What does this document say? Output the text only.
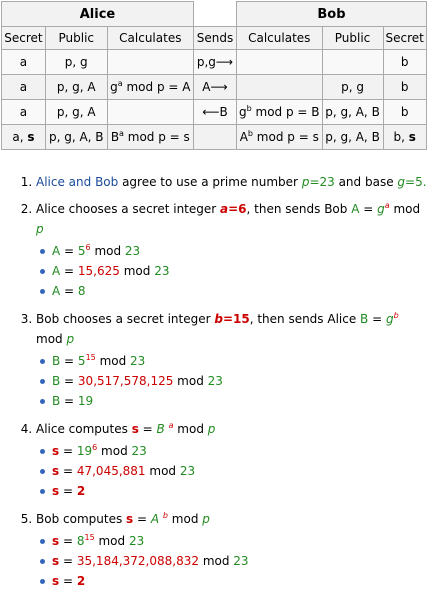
Alice				Bob		
Secret	Public	Calculates	Sends	Calculates	Public	Secret
a	p, g		p,g⟶			b
a	p, g, A	$g^a$ mod p = A	A⟶		p, g	b
a	p, g, A		⟵B	$g^b$ mod p = B	p, g, A, B	b
a, s	p, g, A, B	$B^a$ mod p = s		$A^b$ mod p = s	p, g, A, B	b, s
1. Alice and Bob agree to use a prime number p=23 and base g=5.
2. Alice chooses a secret integer a=6, then sends Bob $A = g^a$ mod p
$A = 5^6$ mod 23
A = 15,625 mod 23
A = 8
3. Bob chooses a secret integer b=15, then sends Alice $B = g^b$ mod p
$B = 5^{15}$ mod 23
B = 30,517,578,125 mod 23
B = 19
4. Alice computes s = B $^a$ mod p
$s = 19^6$ mod 23
s = 47,045,881 mod 23
s = 2
5. Bob computes s = A $^b$ mod p
$s = 8^{15}$ mod 23
s = 35,184,372,088,832 mod 23
s = 2
